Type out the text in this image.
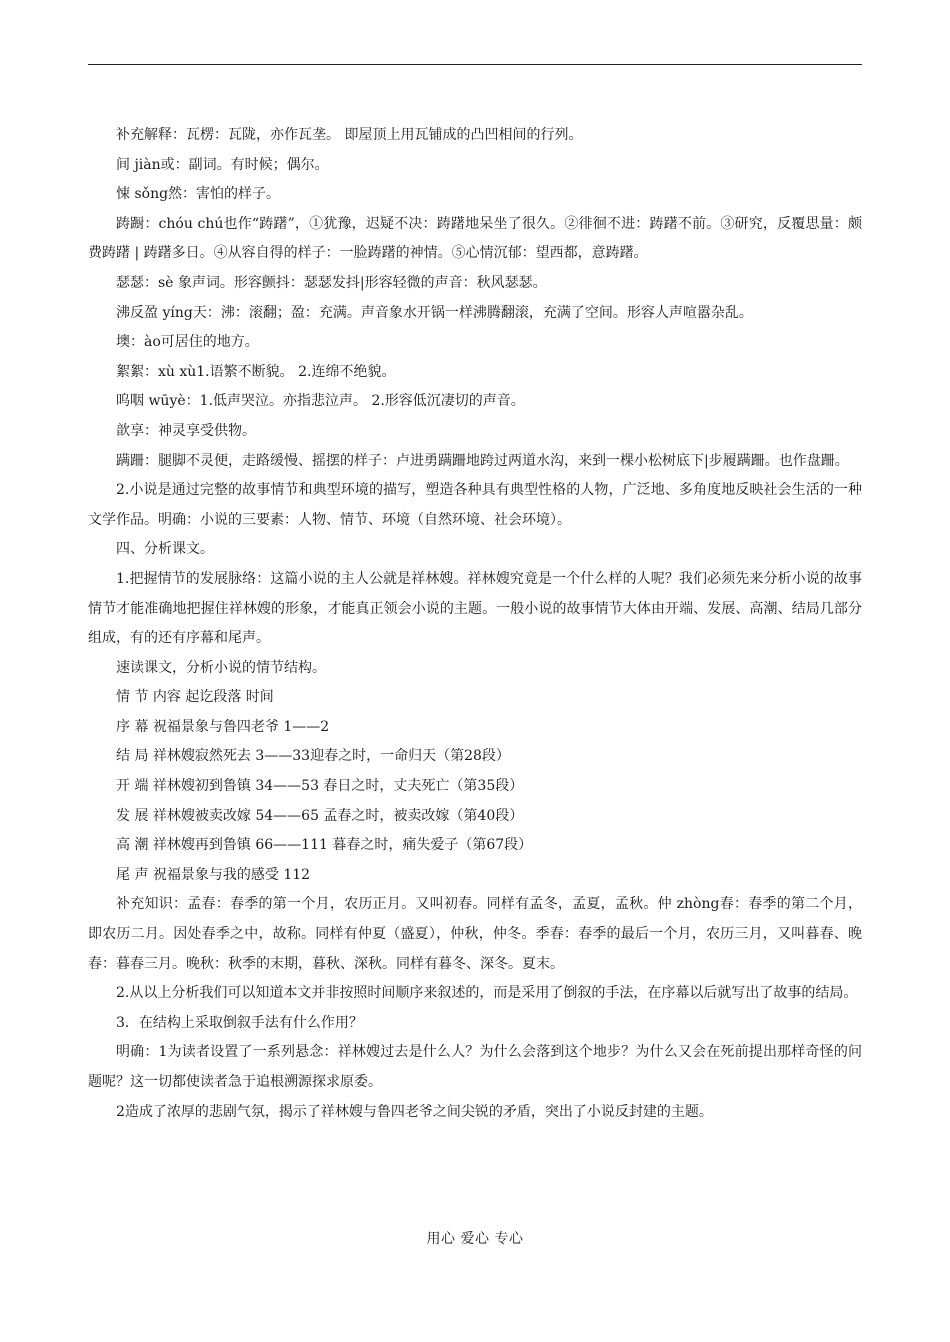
补充解释：瓦楞：瓦陇，亦作瓦垄。 即屋顶上用瓦铺成的凸凹相间的行列。

间 jiàn或：副词。有时候；偶尔。

悚 sǒng然：害怕的样子。

踌蹰：chóu chú也作“踌躇”，①犹豫，迟疑不决：踌躇地呆坐了很久。②徘徊不进：踌躇不前。③研究，反覆思量：颇费踌躇 | 踌躇多日。④从容自得的样子：一脸踌躇的神情。⑤心情沉郁：望西都，意踌躇。

瑟瑟：sè 象声词。形容颤抖：瑟瑟发抖|形容轻微的声音：秋风瑟瑟。

沸反盈 yíng天：沸：滚翻；盈：充满。声音象水开锅一样沸腾翻滚，充满了空间。形容人声喧嚣杂乱。

墺：ào可居住的地方。

絮絮：xù xù1.语繁不断貌。 2.连绵不绝貌。

呜咽 wūyè：1.低声哭泣。亦指悲泣声。 2.形容低沉凄切的声音。

歆享：神灵享受供物。

蹒跚：腿脚不灵便，走路缓慢、摇摆的样子：卢进勇蹒跚地跨过两道水沟，来到一棵小松树底下|步履蹒跚。也作盘跚。

2.小说是通过完整的故事情节和典型环境的描写，塑造各种具有典型性格的人物，广泛地、多角度地反映社会生活的一种文学作品。明确：小说的三要素：人物、情节、环境（自然环境、社会环境）。

四、分析课文。

1.把握情节的发展脉络：这篇小说的主人公就是祥林嫂。祥林嫂究竟是一个什么样的人呢？我们必须先来分析小说的故事情节才能准确地把握住祥林嫂的形象，才能真正领会小说的主题。一般小说的故事情节大体由开端、发展、高潮、结局几部分组成，有的还有序幕和尾声。

速读课文，分析小说的情节结构。

情 节 内容 起讫段落 时间

序 幕 祝福景象与鲁四老爷 1——2

结 局 祥林嫂寂然死去 3——33迎春之时，一命归天（第28段）

开 端 祥林嫂初到鲁镇 34——53 春日之时，丈夫死亡（第35段）

发 展 祥林嫂被卖改嫁 54——65 孟春之时，被卖改嫁（第40段）

高 潮 祥林嫂再到鲁镇 66——111 暮春之时，痛失爱子（第67段）

尾 声 祝福景象与我的感受 112

补充知识：孟春：春季的第一个月，农历正月。又叫初春。同样有孟冬，孟夏，孟秋。仲 zhòng春：春季的第二个月，即农历二月。因处春季之中，故称。同样有仲夏（盛夏），仲秋，仲冬。季春：春季的最后一个月，农历三月，又叫暮春、晚春：暮春三月。晚秋：秋季的末期，暮秋、深秋。同样有暮冬、深冬。夏末。

2.从以上分析我们可以知道本文并非按照时间顺序来叙述的，而是采用了倒叙的手法，在序幕以后就写出了故事的结局。

3．在结构上采取倒叙手法有什么作用？

明确：1为读者设置了一系列悬念：祥林嫂过去是什么人？为什么会落到这个地步？为什么又会在死前提出那样奇怪的问题呢？这一切都使读者急于追根溯源探求原委。

2造成了浓厚的悲剧气氛，揭示了祥林嫂与鲁四老爷之间尖锐的矛盾，突出了小说反封建的主题。

用心 爱心 专心
